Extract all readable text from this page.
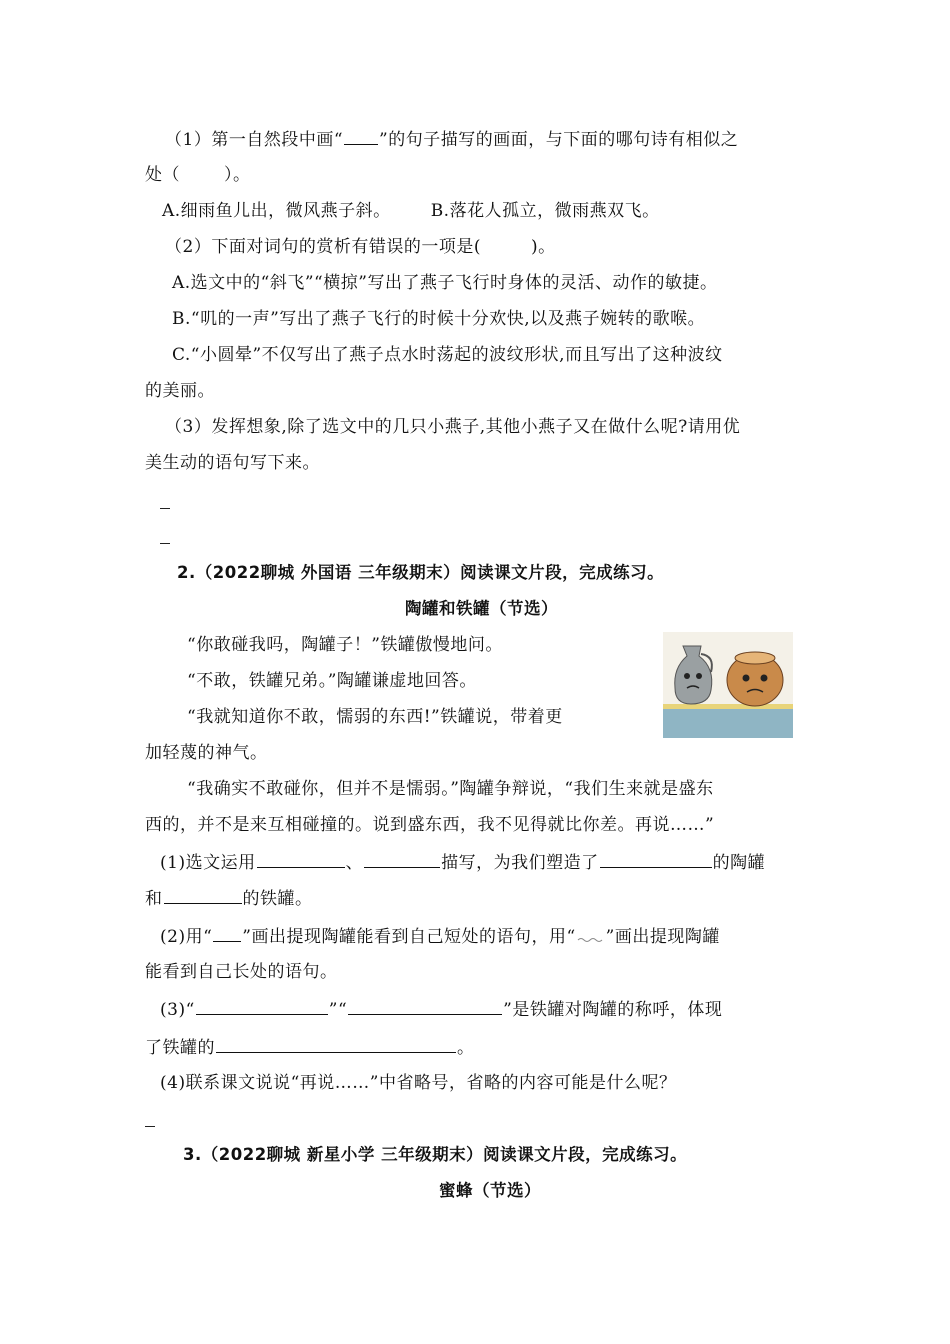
（1）第一自然段中画“ ”的句子描写的画面，与下面的哪句诗有相似之
处（	）。
A.细雨鱼儿出，微风燕子斜。 B.落花人孤立，微雨燕双飞。
（2）下面对词句的赏析有错误的一项是(	)。
A.选文中的“斜飞”“横掠”写出了燕子飞行时身体的灵活、动作的敏捷。
B.“叽的一声”写出了燕子飞行的时候十分欢快,以及燕子婉转的歌喉。
C.“小圆晕”不仅写出了燕子点水时荡起的波纹形状,而且写出了这种波纹
的美丽。
（3）发挥想象,除了选文中的几只小燕子,其他小燕子又在做什么呢?请用优
美生动的语句写下来。
2.（2022聊城 外国语 三年级期末）阅读课文片段，完成练习。
陶罐和铁罐（节选）
“你敢碰我吗，陶罐子！”铁罐傲慢地问。
“不敢，铁罐兄弟。”陶罐谦虚地回答。
“我就知道你不敢，懦弱的东西!”铁罐说，带着更
加轻蔑的神气。
“我确实不敢碰你，但并不是懦弱。”陶罐争辩说，“我们生来就是盛东
西的，并不是来互相碰撞的。说到盛东西，我不见得就比你差。再说……”
(1)选文运用	、	描写，为我们塑造了	的陶罐
和	的铁罐。
(2)用“ ”画出提现陶罐能看到自己短处的语句，用“ ”画出提现陶罐
能看到自己长处的语句。
(3)“	”“	”是铁罐对陶罐的称呼，体现
了铁罐的	。
(4)联系课文说说“再说……”中省略号，省略的内容可能是什么呢？
3.（2022聊城 新星小学 三年级期末）阅读课文片段，完成练习。
蜜蜂（节选）
